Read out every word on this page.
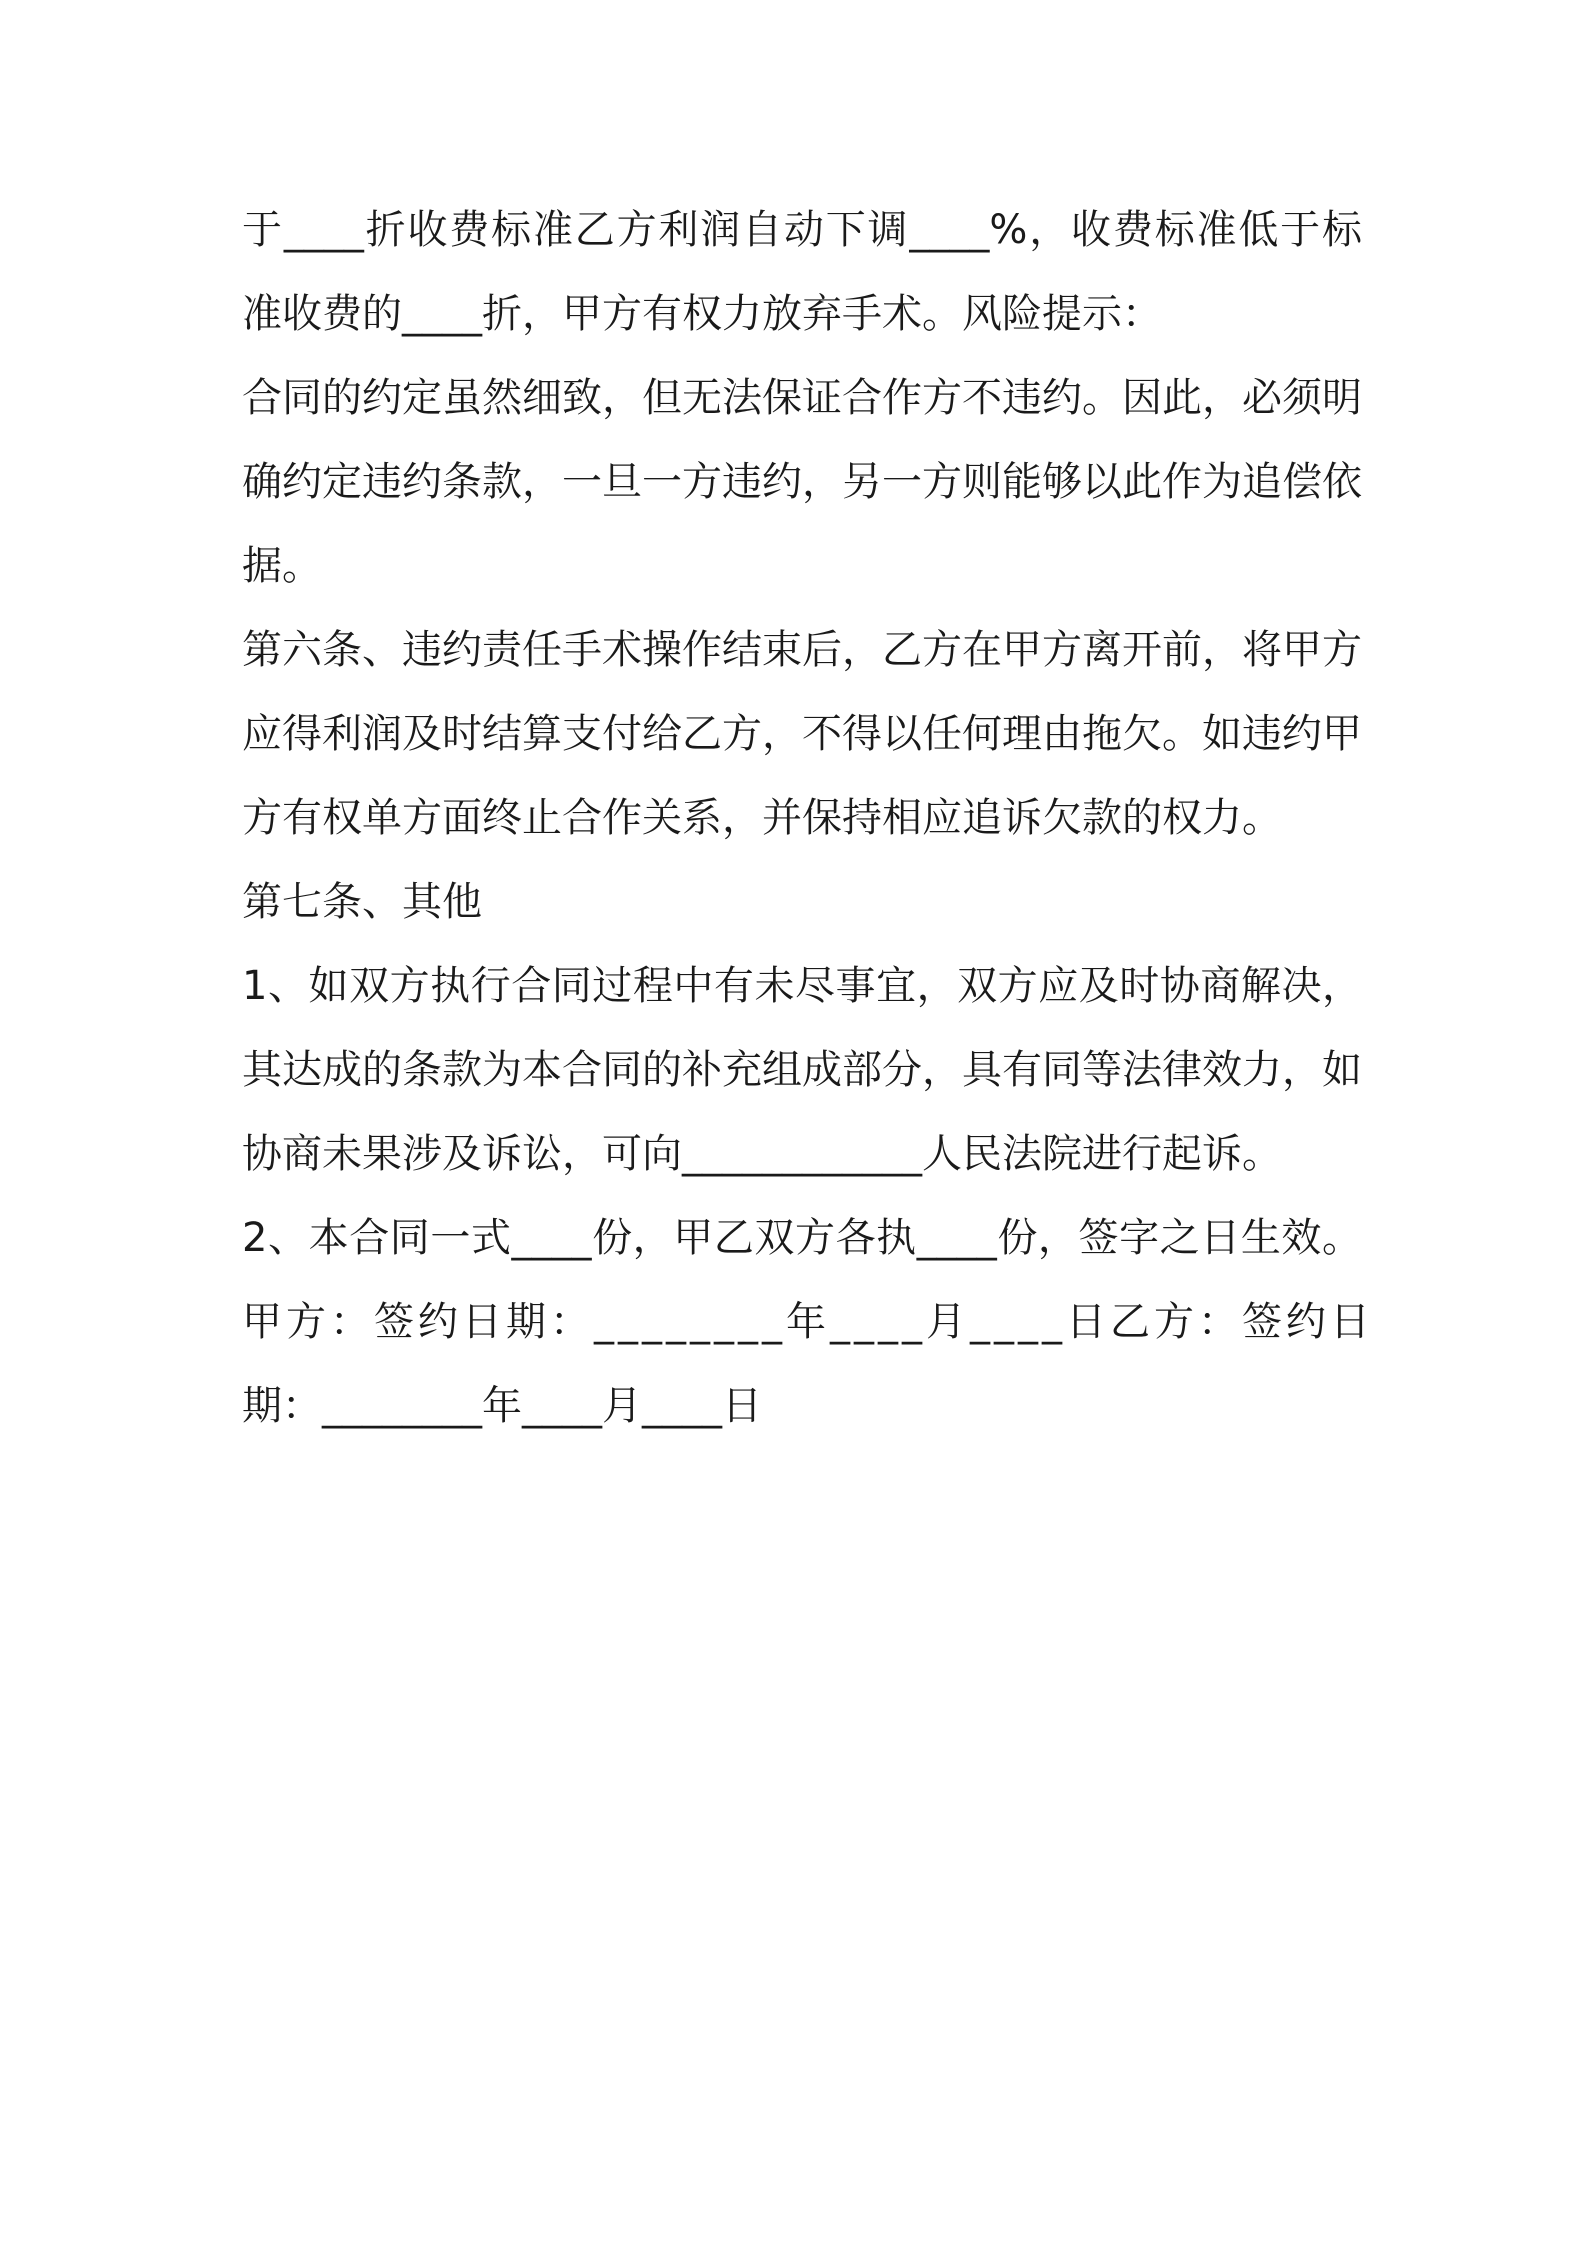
于____折收费标准乙方利润自动下调____%，收费标准低于标
准收费的____折，甲方有权力放弃手术。风险提示：
合同的约定虽然细致，但无法保证合作方不违约。因此，必须明
确约定违约条款，一旦一方违约，另一方则能够以此作为追偿依
据。
第六条、违约责任手术操作结束后，乙方在甲方离开前，将甲方
应得利润及时结算支付给乙方，不得以任何理由拖欠。如违约甲
方有权单方面终止合作关系，并保持相应追诉欠款的权力。
第七条、其他
1、如双方执行合同过程中有未尽事宜，双方应及时协商解决，
其达成的条款为本合同的补充组成部分，具有同等法律效力，如
协商未果涉及诉讼，可向____________人民法院进行起诉。
2、本合同一式____份，甲乙双方各执____份，签字之日生效。
甲方：签约日期：________年____月____日乙方：签约日
期：________年____月____日
